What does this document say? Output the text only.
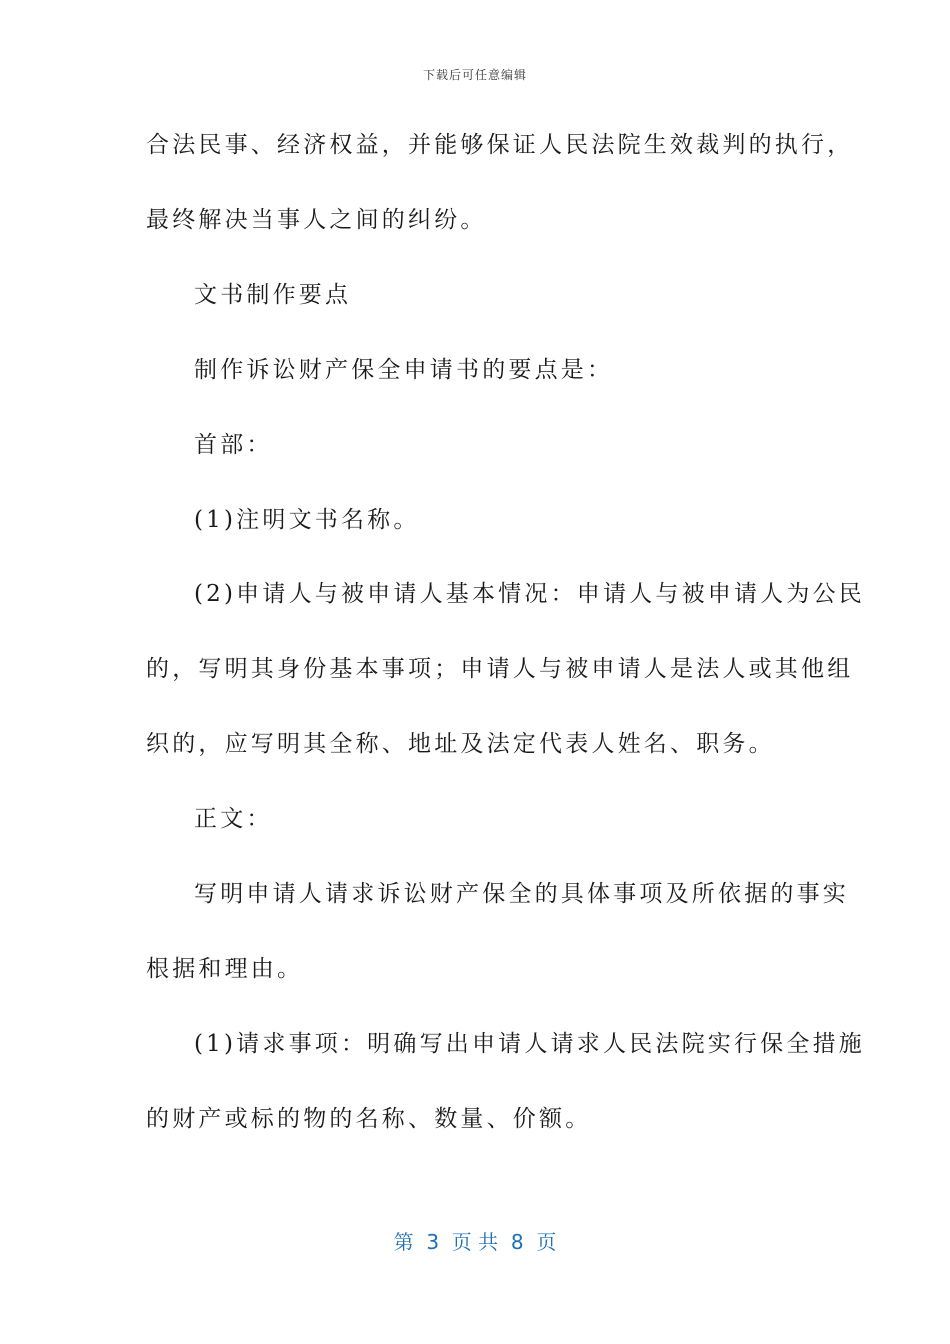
下载后可任意编辑
合法民事、经济权益，并能够保证人民法院生效裁判的执行，
最终解决当事人之间的纠纷。
文书制作要点
制作诉讼财产保全申请书的要点是：
首部：
(1)注明文书名称。
(2)申请人与被申请人基本情况：申请人与被申请人为公民
的，写明其身份基本事项；申请人与被申请人是法人或其他组
织的，应写明其全称、地址及法定代表人姓名、职务。
正文：
写明申请人请求诉讼财产保全的具体事项及所依据的事实
根据和理由。
(1)请求事项：明确写出申请人请求人民法院实行保全措施
的财产或标的物的名称、数量、价额。
第  3  页 共  8  页
